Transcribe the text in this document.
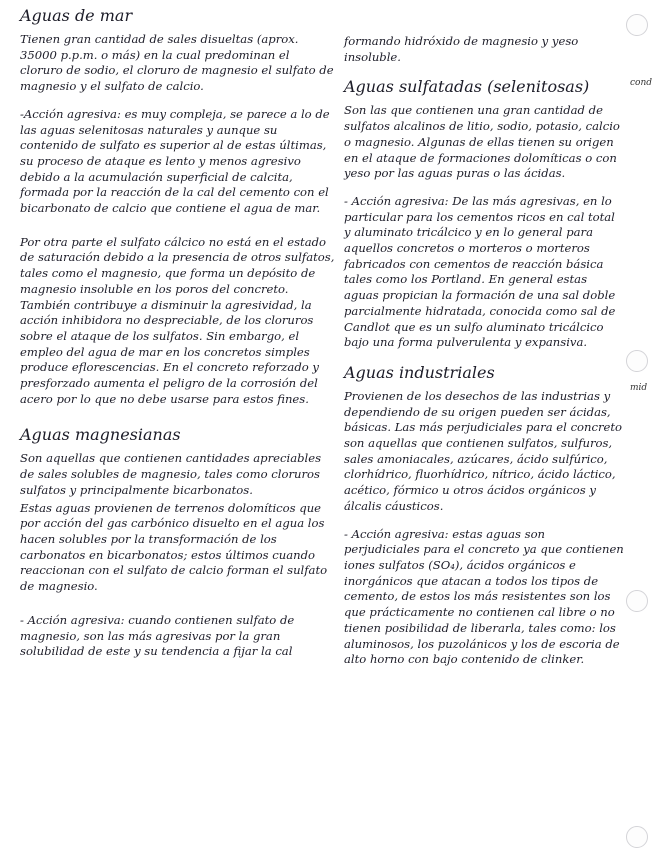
Aguas de mar

Tienen gran cantidad de sales disueltas (aprox. 35000 p.p.m. o más) en la cual predominan el cloruro de sodio, el cloruro de magnesio el sulfato de magnesio y el sulfato de calcio.

-Acción agresiva: es muy compleja, se parece a lo de las aguas selenitosas naturales y aunque su contenido de sulfato es superior al de estas últimas, su proceso de ataque es lento y menos agresivo debido a la acumulación superficial de calcita, formada por la reacción de la cal del cemento con el bicarbonato de calcio que contiene el agua de mar.

Por otra parte el sulfato cálcico no está en el estado de saturación debido a la presencia de otros sulfatos, tales como el magnesio, que forma un depósito de magnesio insoluble en los poros del concreto. También contribuye a disminuir la agresividad, la acción inhibidora no despreciable, de los cloruros sobre el ataque de los sulfatos. Sin embargo, el empleo del agua de mar en los concretos simples produce eflorescencias. En el concreto reforzado y presforzado aumenta el peligro de la corrosión del acero por lo que no debe usarse para estos fines.

Aguas magnesianas

Son aquellas que contienen cantidades apreciables de sales solubles de magnesio, tales como cloruros sulfatos y principalmente bicarbonatos.

Estas aguas provienen de terrenos dolomíticos que por acción del gas carbónico disuelto en el agua los hacen solubles por la transformación de los carbonatos en bicarbonatos; estos últimos cuando reaccionan con el sulfato de calcio forman el sulfato de magnesio.

- Acción agresiva: cuando contienen sulfato de magnesio, son las más agresivas por la gran solubilidad de este y su tendencia a fijar la cal

formando hidróxido de magnesio y yeso insoluble.

Aguas sulfatadas (selenitosas)

Son las que contienen una gran cantidad de sulfatos alcalinos de litio, sodio, potasio, calcio o magnesio. Algunas de ellas tienen su origen en el ataque de formaciones dolomíticas o con yeso por las aguas puras o las ácidas.

- Acción agresiva: De las más agresivas, en lo particular para los cementos ricos en cal total y aluminato tricálcico y en lo general para aquellos concretos o morteros o morteros fabricados con cementos de reacción básica tales como los Portland. En general estas aguas propician la formación de una sal doble parcialmente hidratada, conocida como sal de Candlot que es un sulfo aluminato tricálcico bajo una forma pulverulenta y expansiva.

Aguas industriales

Provienen de los desechos de las industrias y dependiendo de su origen pueden ser ácidas, básicas. Las más perjudiciales para el concreto son aquellas que contienen sulfatos, sulfuros, sales amoniacales, azúcares, ácido sulfúrico, clorhídrico, fluorhídrico, nítrico, ácido láctico, acético, fórmico u otros ácidos orgánicos y álcalis cáusticos.

- Acción agresiva: estas aguas son perjudiciales para el concreto ya que contienen iones sulfatos (SO₄), ácidos orgánicos e inorgánicos que atacan a todos los tipos de cemento, de estos los más resistentes son los que prácticamente no contienen cal libre o no tienen posibilidad de liberarla, tales como: los aluminosos, los puzolánicos y los de escoria de alto horno con bajo contenido de clinker.

cond
mid
